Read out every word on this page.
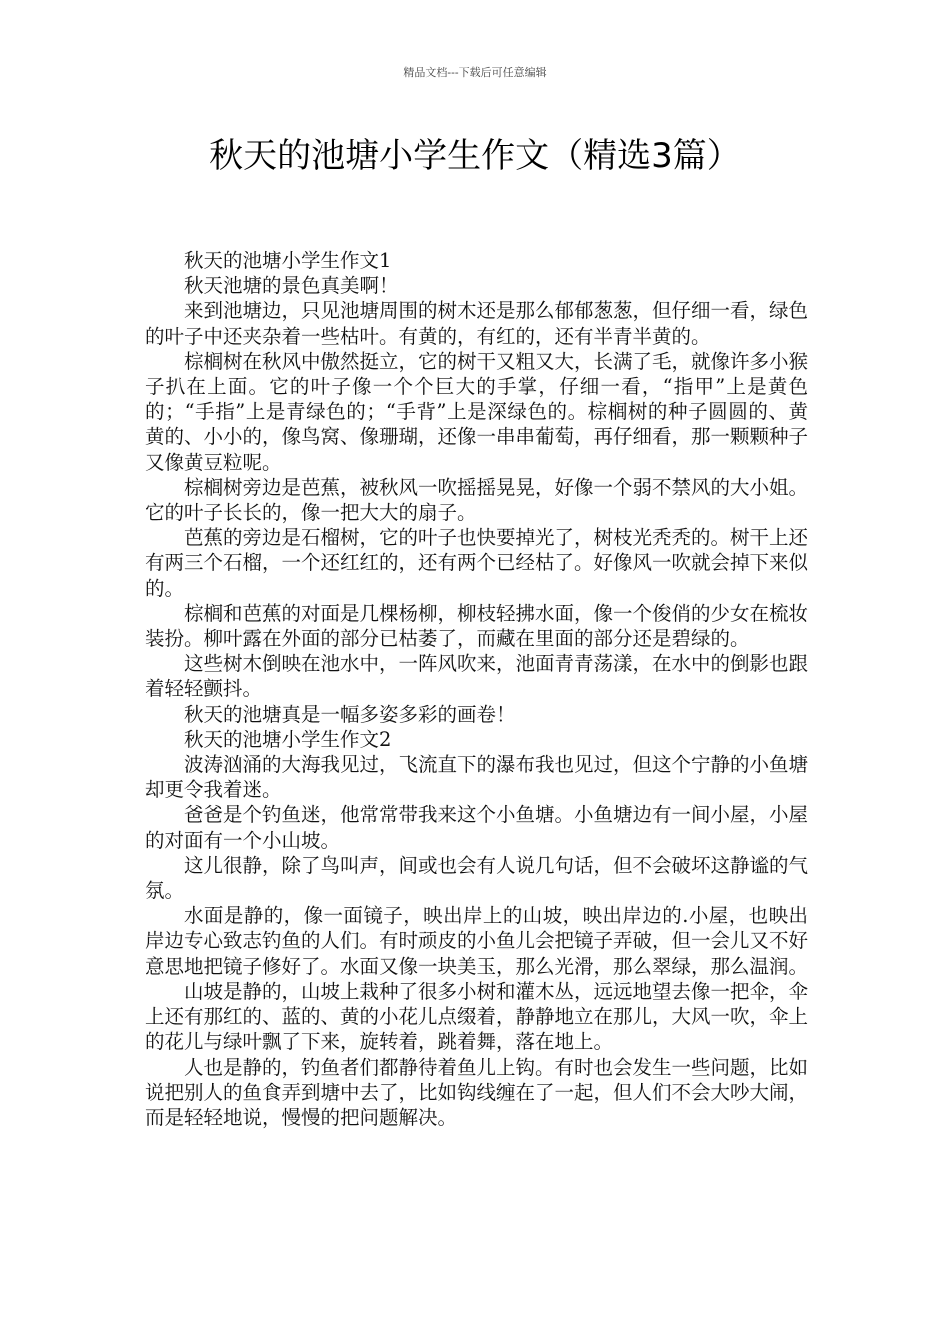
精品文档---下载后可任意编辑
秋天的池塘小学生作文（精选3篇）

秋天的池塘小学生作文1

秋天池塘的景色真美啊！

来到池塘边，只见池塘周围的树木还是那么郁郁葱葱，但仔细一看，绿色的叶子中还夹杂着一些枯叶。有黄的，有红的，还有半青半黄的。

棕榈树在秋风中傲然挺立，它的树干又粗又大，长满了毛，就像许多小猴子扒在上面。它的叶子像一个个巨大的手掌，仔细一看，“指甲”上是黄色的；“手指”上是青绿色的；“手背”上是深绿色的。棕榈树的种子圆圆的、黄黄的、小小的，像鸟窝、像珊瑚，还像一串串葡萄，再仔细看，那一颗颗种子又像黄豆粒呢。

棕榈树旁边是芭蕉，被秋风一吹摇摇晃晃，好像一个弱不禁风的大小姐。它的叶子长长的，像一把大大的扇子。

芭蕉的旁边是石榴树，它的叶子也快要掉光了，树枝光秃秃的。树干上还有两三个石榴，一个还红红的，还有两个已经枯了。好像风一吹就会掉下来似的。

棕榈和芭蕉的对面是几棵杨柳，柳枝轻拂水面，像一个俊俏的少女在梳妆装扮。柳叶露在外面的部分已枯萎了，而藏在里面的部分还是碧绿的。

这些树木倒映在池水中，一阵风吹来，池面青青荡漾，在水中的倒影也跟着轻轻颤抖。

秋天的池塘真是一幅多姿多彩的画卷！

秋天的池塘小学生作文2

波涛汹涌的大海我见过，飞流直下的瀑布我也见过，但这个宁静的小鱼塘却更令我着迷。

爸爸是个钓鱼迷，他常常带我来这个小鱼塘。小鱼塘边有一间小屋，小屋的对面有一个小山坡。

这儿很静，除了鸟叫声，间或也会有人说几句话，但不会破坏这静谧的气氛。

水面是静的，像一面镜子，映出岸上的山坡，映出岸边的.小屋，也映出岸边专心致志钓鱼的人们。有时顽皮的小鱼儿会把镜子弄破，但一会儿又不好意思地把镜子修好了。水面又像一块美玉，那么光滑，那么翠绿，那么温润。

山坡是静的，山坡上栽种了很多小树和灌木丛，远远地望去像一把伞，伞上还有那红的、蓝的、黄的小花儿点缀着，静静地立在那儿，大风一吹，伞上的花儿与绿叶飘了下来，旋转着，跳着舞，落在地上。

人也是静的，钓鱼者们都静待着鱼儿上钩。有时也会发生一些问题，比如说把别人的鱼食弄到塘中去了，比如钩线缠在了一起，但人们不会大吵大闹，而是轻轻地说，慢慢的把问题解决。
